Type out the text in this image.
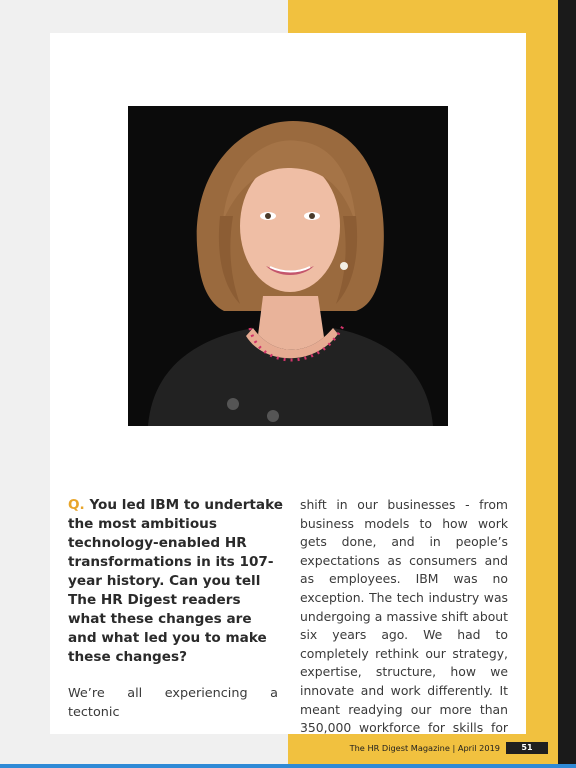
Q. You led IBM to undertake the most ambitious technology-enabled HR transformations in its 107-year history. Can you tell The HR Digest readers what these changes are and what led you to make these changes?

We’re all experiencing a tectonic

shift in our businesses - from business models to how work gets done, and in people’s expectations as consumers and as employees. IBM was no exception. The tech industry was undergoing a massive shift about six years ago. We had to completely rethink our strategy, expertise, structure, how we innovate and work differently. It meant readying our more than 350,000 workforce for skills for

The HR Digest Magazine | April 2019	51
